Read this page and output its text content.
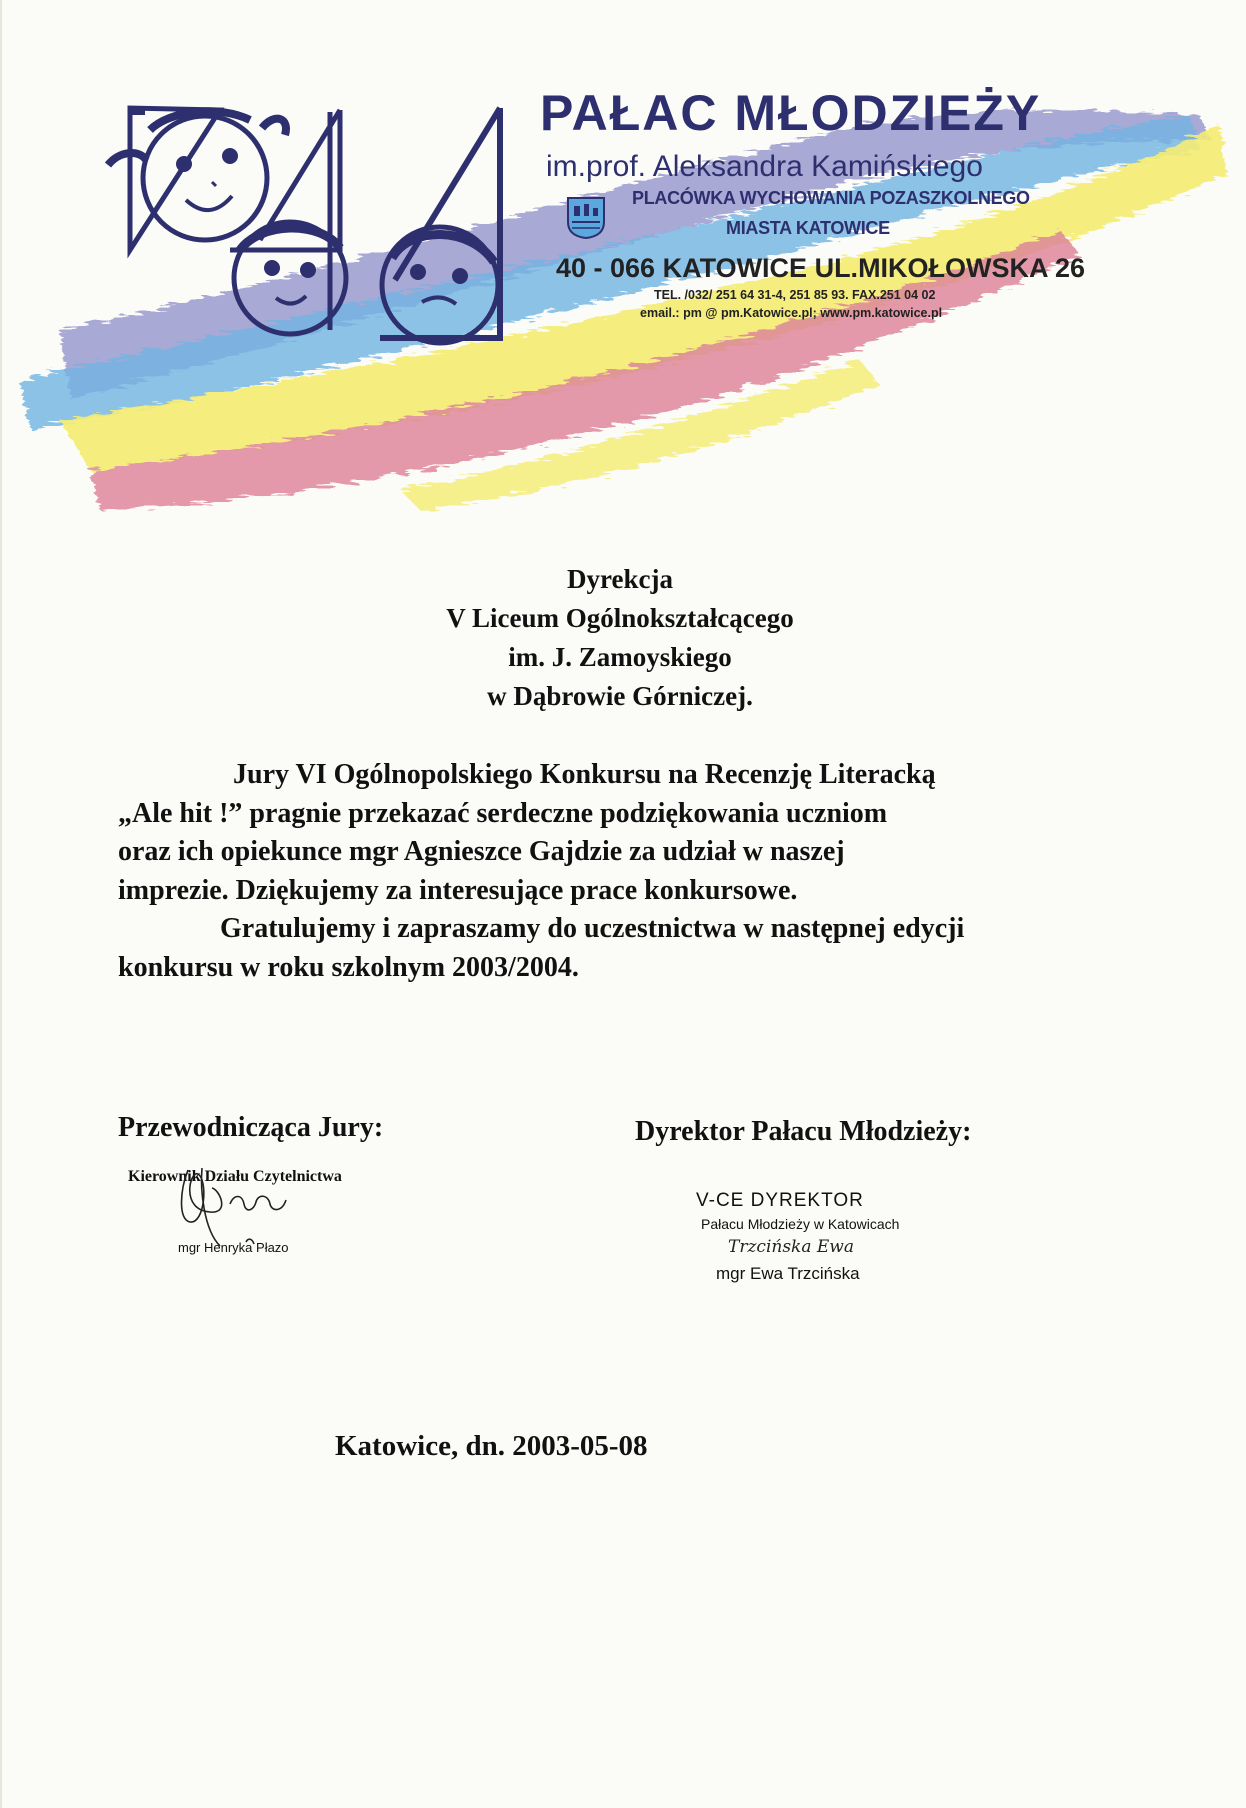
PAŁAC MŁODZIEŻY
im.prof. Aleksandra Kamińskiego
PLACÓWKA WYCHOWANIA POZASZKOLNEGO
MIASTA KATOWICE
40 - 066 KATOWICE UL.MIKOŁOWSKA 26
TEL. /032/ 251 64 31-4, 251 85 93. FAX.251 04 02
email.: pm @ pm.Katowice.pl; www.pm.katowice.pl
Dyrekcja
V Liceum Ogólnokształcącego
im. J. Zamoyskiego
w Dąbrowie Górniczej.
Jury VI Ogólnopolskiego Konkursu na Recenzję Literacką
„Ale hit !” pragnie przekazać serdeczne podziękowania uczniom
oraz ich opiekunce mgr Agnieszce Gajdzie za udział w naszej
imprezie. Dziękujemy za interesujące prace konkursowe.
Gratulujemy i zapraszamy do uczestnictwa w następnej edycji
konkursu w roku szkolnym 2003/2004.
Przewodnicząca Jury:
Kierownik Działu Czytelnictwa
mgr Henryka Płazo
Dyrektor Pałacu Młodzieży:
V-CE DYREKTOR
Pałacu Młodzieży w Katowicach
Trzcińska Ewa
mgr Ewa Trzcińska
Katowice, dn. 2003-05-08
